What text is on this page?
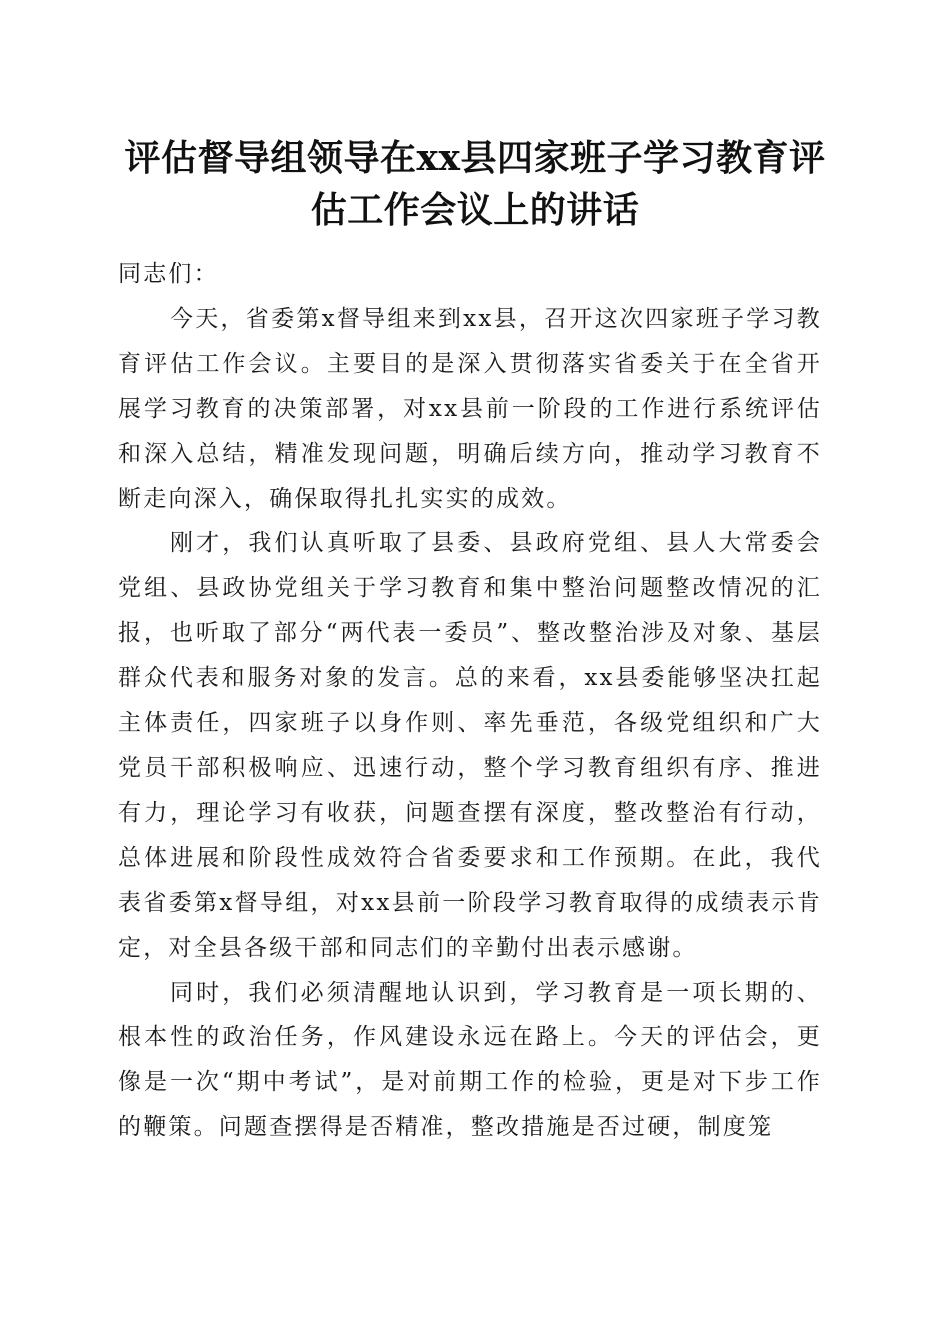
评估督导组领导在xx县四家班子学习教育评估工作会议上的讲话

同志们：

今天，省委第x督导组来到xx县，召开这次四家班子学习教育评估工作会议。主要目的是深入贯彻落实省委关于在全省开展学习教育的决策部署，对xx县前一阶段的工作进行系统评估和深入总结，精准发现问题，明确后续方向，推动学习教育不断走向深入，确保取得扎扎实实的成效。

刚才，我们认真听取了县委、县政府党组、县人大常委会党组、县政协党组关于学习教育和集中整治问题整改情况的汇报，也听取了部分“两代表一委员”、整改整治涉及对象、基层群众代表和服务对象的发言。总的来看，xx县委能够坚决扛起主体责任，四家班子以身作则、率先垂范，各级党组织和广大党员干部积极响应、迅速行动，整个学习教育组织有序、推进有力，理论学习有收获，问题查摆有深度，整改整治有行动，总体进展和阶段性成效符合省委要求和工作预期。在此，我代表省委第x督导组，对xx县前一阶段学习教育取得的成绩表示肯定，对全县各级干部和同志们的辛勤付出表示感谢。

同时，我们必须清醒地认识到，学习教育是一项长期的、根本性的政治任务，作风建设永远在路上。今天的评估会，更像是一次“期中考试”，是对前期工作的检验，更是对下步工作的鞭策。问题查摆得是否精准，整改措施是否过硬，制度笼
